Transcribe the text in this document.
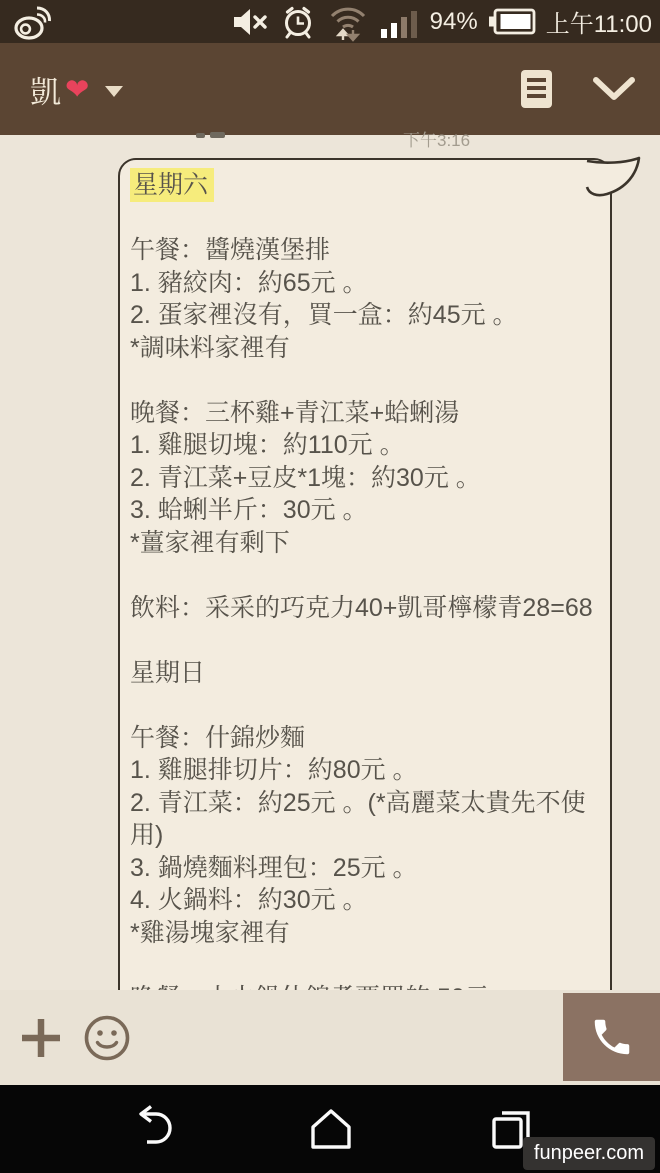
94%	上午11:00
凱 ❤
下午3:16
星期六
午餐：醬燒漢堡排
1. 豬絞肉：約65元 。
2. 蛋家裡沒有，買一盒：約45元 。
*調味料家裡有
晚餐：三杯雞+青江菜+蛤蜊湯
1. 雞腿切塊：約110元 。
2. 青江菜+豆皮*1塊：約30元 。
3. 蛤蜊半斤：30元 。
*薑家裡有剩下
飲料：采采的巧克力40+凱哥檸檬青28=68
星期日
午餐：什錦炒麵
1. 雞腿排切片：約80元 。
2. 青江菜：約25元 。(*高麗菜太貴先不使
用)
3. 鍋燒麵料理包：25元 。
4. 火鍋料：約30元 。
*雞湯塊家裡有
funpeer.com
